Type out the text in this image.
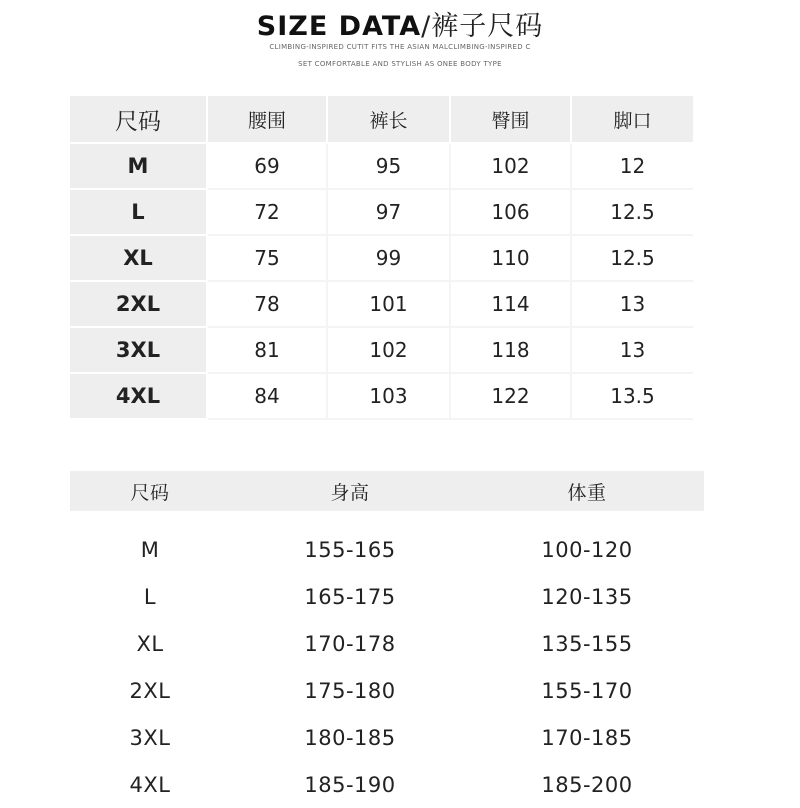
SIZE DATA/裤子尺码
CLIMBING-INSPIRED CUTIT FITS THE ASIAN MALCLIMBING-INSPIRED C
SET COMFORTABLE AND STYLISH AS ONEE BODY TYPE
尺码	腰围	裤长	臀围	脚口
M	69	95	102	12
L	72	97	106	12.5
XL	75	99	110	12.5
2XL	78	101	114	13
3XL	81	102	118	13
4XL	84	103	122	13.5
尺码	身高	体重
M	155-165	100-120
L	165-175	120-135
XL	170-178	135-155
2XL	175-180	155-170
3XL	180-185	170-185
4XL	185-190	185-200
